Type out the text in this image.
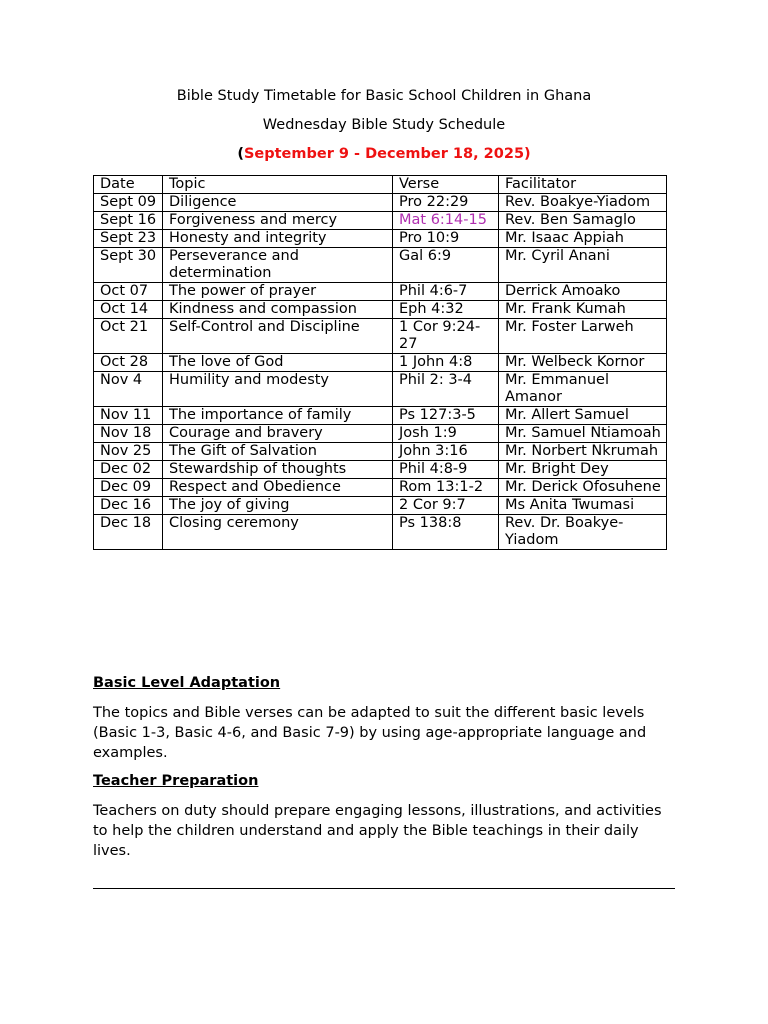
Bible Study Timetable for Basic School Children in Ghana
Wednesday Bible Study Schedule
(September 9 - December 18, 2025)
Date	Topic	Verse	Facilitator
Sept 09	Diligence	Pro 22:29	Rev. Boakye-Yiadom
Sept 16	Forgiveness and mercy	Mat 6:14-15	Rev. Ben Samaglo
Sept 23	Honesty and integrity	Pro 10:9	Mr. Isaac Appiah
Sept 30	Perseverance and determination	Gal 6:9	Mr. Cyril Anani
Oct 07	The power of prayer	Phil 4:6-7	Derrick Amoako
Oct 14	Kindness and compassion	Eph 4:32	Mr. Frank Kumah
Oct 21	Self-Control and Discipline	1 Cor 9:24-27	Mr. Foster Larweh
Oct 28	The love of God	1 John 4:8	Mr. Welbeck Kornor
Nov 4	Humility and modesty	Phil 2: 3-4	Mr. Emmanuel Amanor
Nov 11	The importance of family	Ps 127:3-5	Mr. Allert Samuel
Nov 18	Courage and bravery	Josh 1:9	Mr. Samuel Ntiamoah
Nov 25	The Gift of Salvation	John 3:16	Mr. Norbert Nkrumah
Dec 02	Stewardship of thoughts	Phil 4:8-9	Mr. Bright Dey
Dec 09	Respect and Obedience	Rom 13:1-2	Mr. Derick Ofosuhene
Dec 16	The joy of giving	2 Cor 9:7	Ms Anita Twumasi
Dec 18	Closing ceremony	Ps 138:8	Rev. Dr. Boakye-Yiadom
Basic Level Adaptation
The topics and Bible verses can be adapted to suit the different basic levels (Basic 1-3, Basic 4-6, and Basic 7-9) by using age-appropriate language and examples.
Teacher Preparation
Teachers on duty should prepare engaging lessons, illustrations, and activities to help the children understand and apply the Bible teachings in their daily lives.
